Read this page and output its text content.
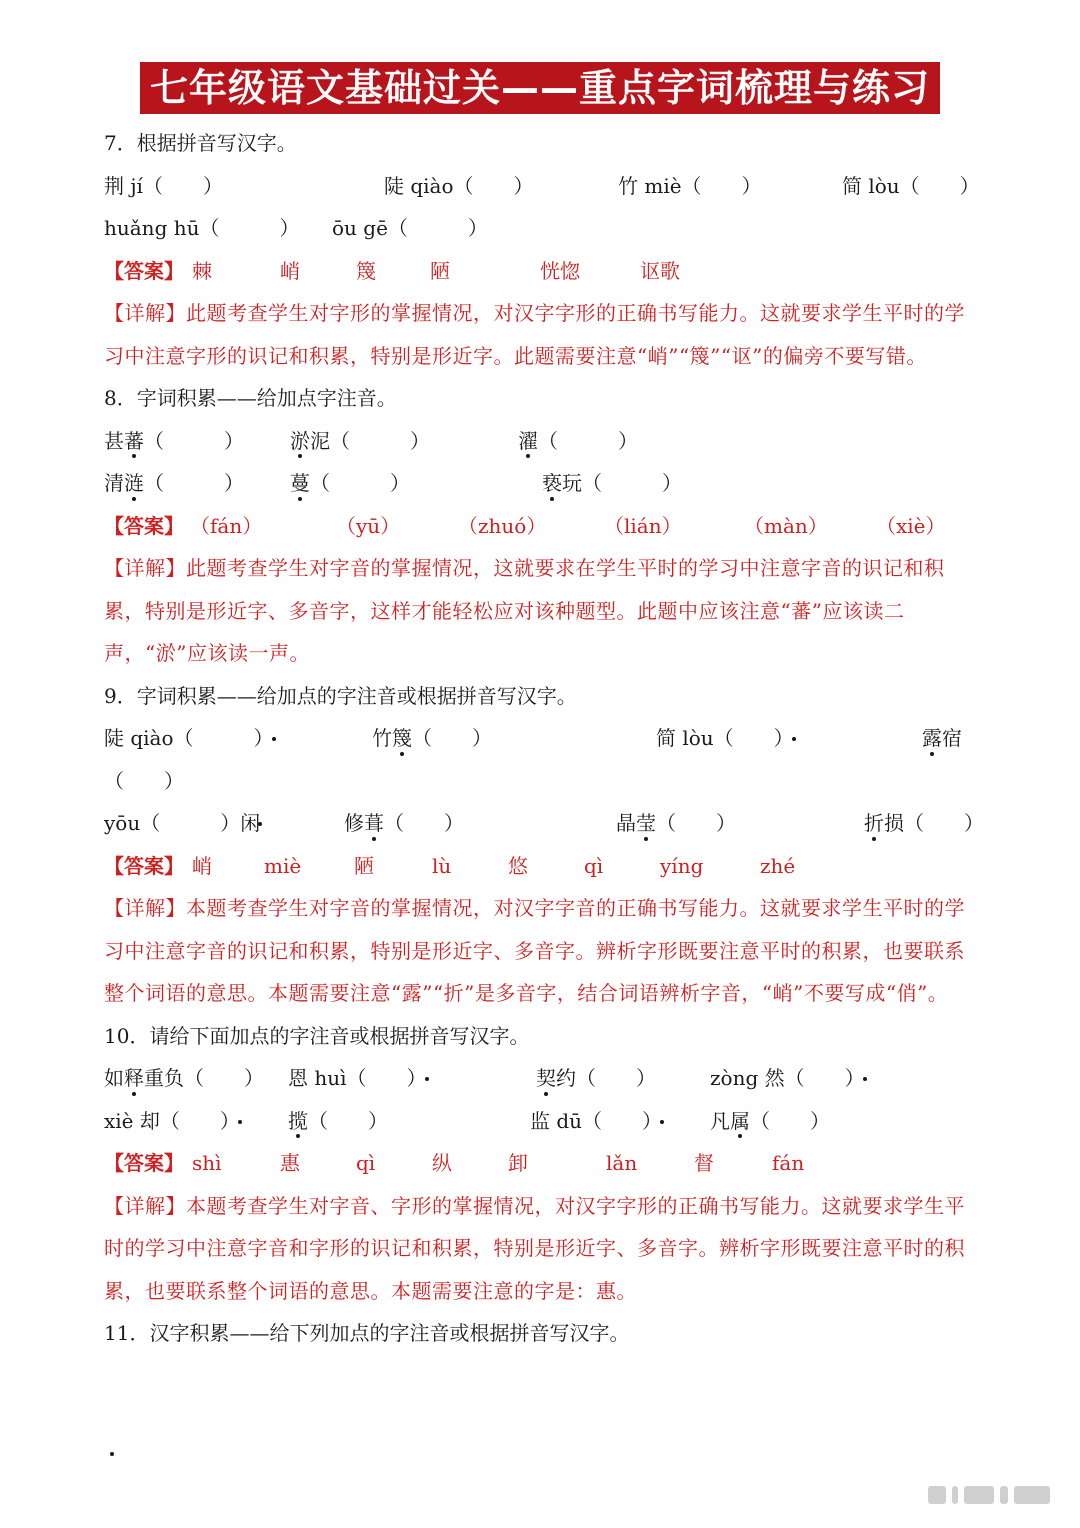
七年级语文基础过关——重点字词梳理与练习
7．根据拼音写汉字。
荆 jí（　　）	陡 qiào（　　）	竹 miè（　　）	简 lòu（　　）
huǎng hū（　　　） ōu gē（　　　）
【答案】 棘	峭	篾	陋	恍惚	讴歌
【详解】此题考查学生对字形的掌握情况，对汉字字形的正确书写能力。这就要求学生平时的学习中注意字形的识记和积累，特别是形近字。此题需要注意“峭”“篾”“讴”的偏旁不要写错。
8．字词积累——给加点字注音。
甚蕃（　　　） 淤泥（　　　）	濯（　　　）
清涟（　　　） 蔓（　　　）	亵玩（　　　）
【答案】 （fán）	（yū）	（zhuó）	（lián）	（màn） （xiè）
【详解】此题考查学生对字音的掌握情况，这就要求在学生平时的学习中注意字音的识记和积累，特别是形近字、多音字，这样才能轻松应对该种题型。此题中应该注意“蕃”应该读二声，“淤”应该读一声。
9．字词积累——给加点的字注音或根据拼音写汉字。
陡 qiào（　　　）	竹篾（　　）	简 lòu（　　）	露宿
（　　）
yōu（　　　）闲	修葺（　　）	晶莹（　　）	折损（　　）
【答案】 峭	miè	陋	lù	悠	qì	yíng	zhé
【详解】本题考查学生对字音的掌握情况，对汉字字音的正确书写能力。这就要求学生平时的学习中注意字音的识记和积累，特别是形近字、多音字。辨析字形既要注意平时的积累，也要联系整个词语的意思。本题需要注意“露”“折”是多音字，结合词语辨析字音，“峭”不要写成“俏”。
10．请给下面加点的字注音或根据拼音写汉字。
如释重负（　　） 恩 huì（　　）	契约（　　）	zòng 然（　　）
xiè 却（　　） 揽（　　）	监 dū（　　） 凡属（　　）
【答案】 shì	惠	qì	纵	卸	lǎn	督	fán
【详解】本题考查学生对字音、字形的掌握情况，对汉字字形的正确书写能力。这就要求学生平时的学习中注意字音和字形的识记和积累，特别是形近字、多音字。辨析字形既要注意平时的积累，也要联系整个词语的意思。本题需要注意的字是：惠。
11．汉字积累——给下列加点的字注音或根据拼音写汉字。
